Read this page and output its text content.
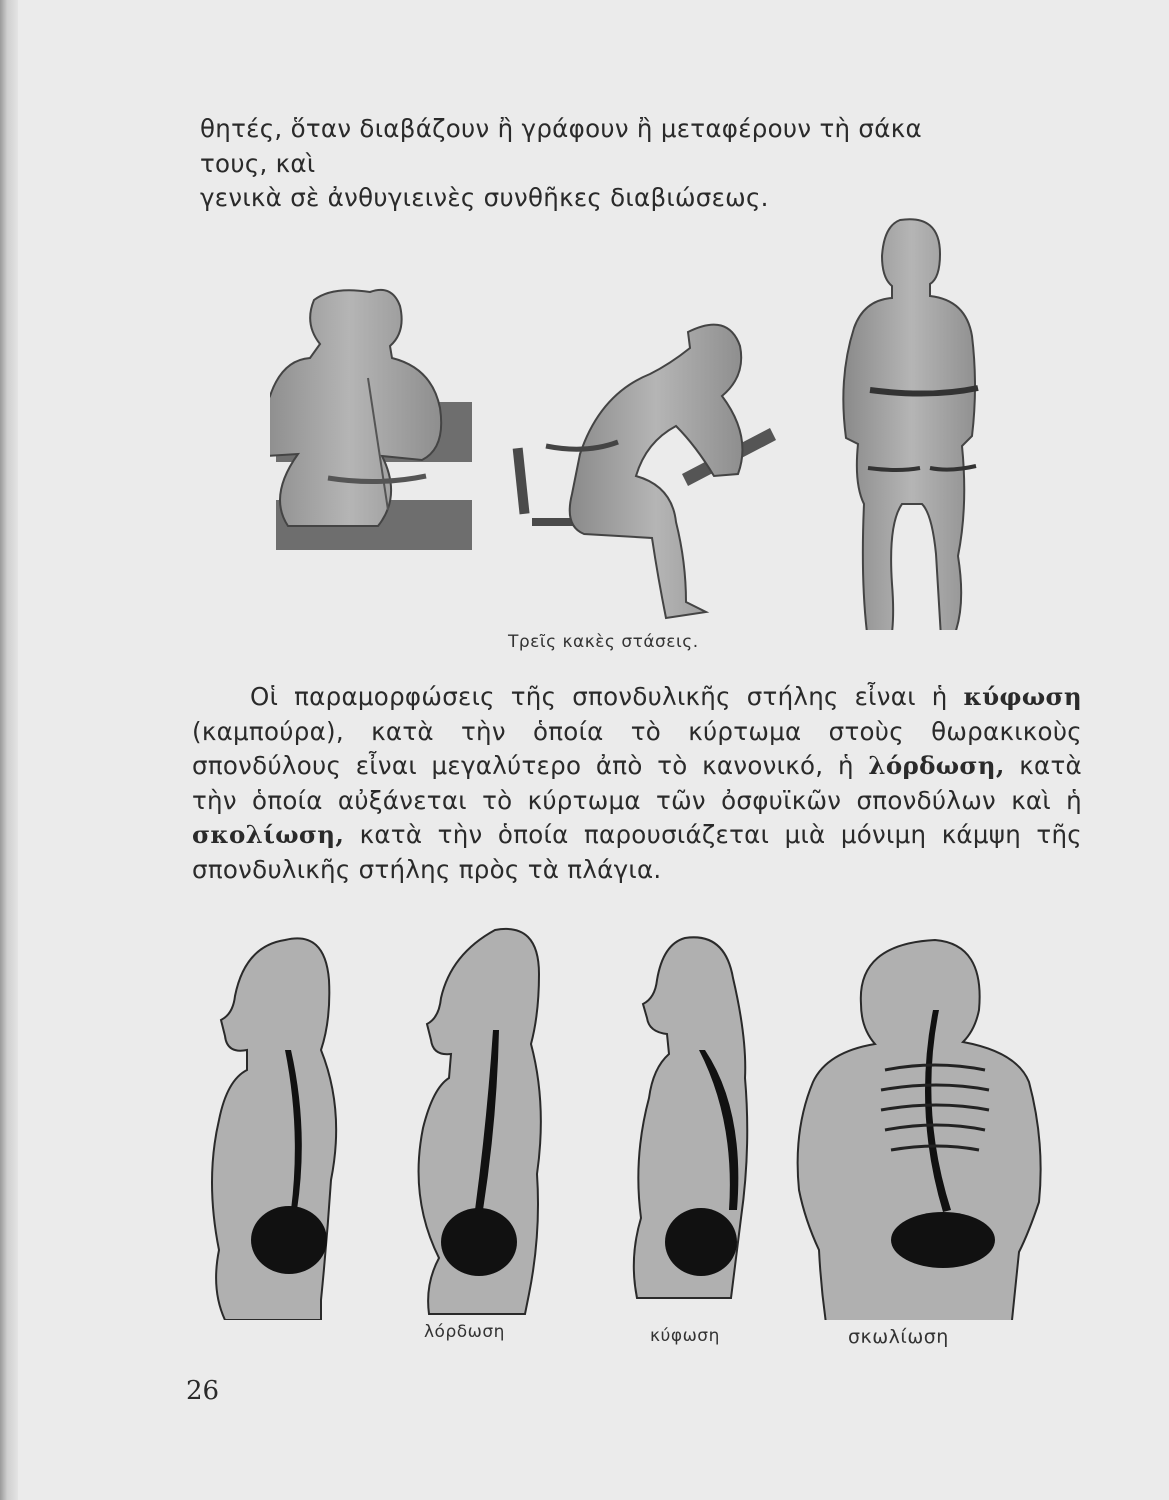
θητές, ὅταν διαβάζουν ἢ γράφουν ἢ μεταφέρουν τὴ σάκα τους, καὶ
γενικὰ σὲ ἀνθυγιεινὲς συνθῆκες διαβιώσεως.
Τρεῖς κακὲς στάσεις.
Οἱ παραμορφώσεις τῆς σπονδυλικῆς στήλης εἶναι ἡ κύφωση (καμπούρα), κατὰ τὴν ὁποία τὸ κύρτωμα στοὺς θωρακικοὺς σπονδύλους εἶναι μεγαλύτερο ἀπὸ τὸ κανονικό, ἡ λόρδωση, κατὰ τὴν ὁποία αὐξάνεται τὸ κύρτωμα τῶν ὀσφυϊκῶν σπονδύλων καὶ ἡ σκολίωση, κατὰ τὴν ὁποία παρουσιάζεται μιὰ μόνιμη κάμψη τῆς σπονδυλικῆς στήλης πρὸς τὰ πλάγια.
λόρδωση	κύφωση	σκωλίωση
26
